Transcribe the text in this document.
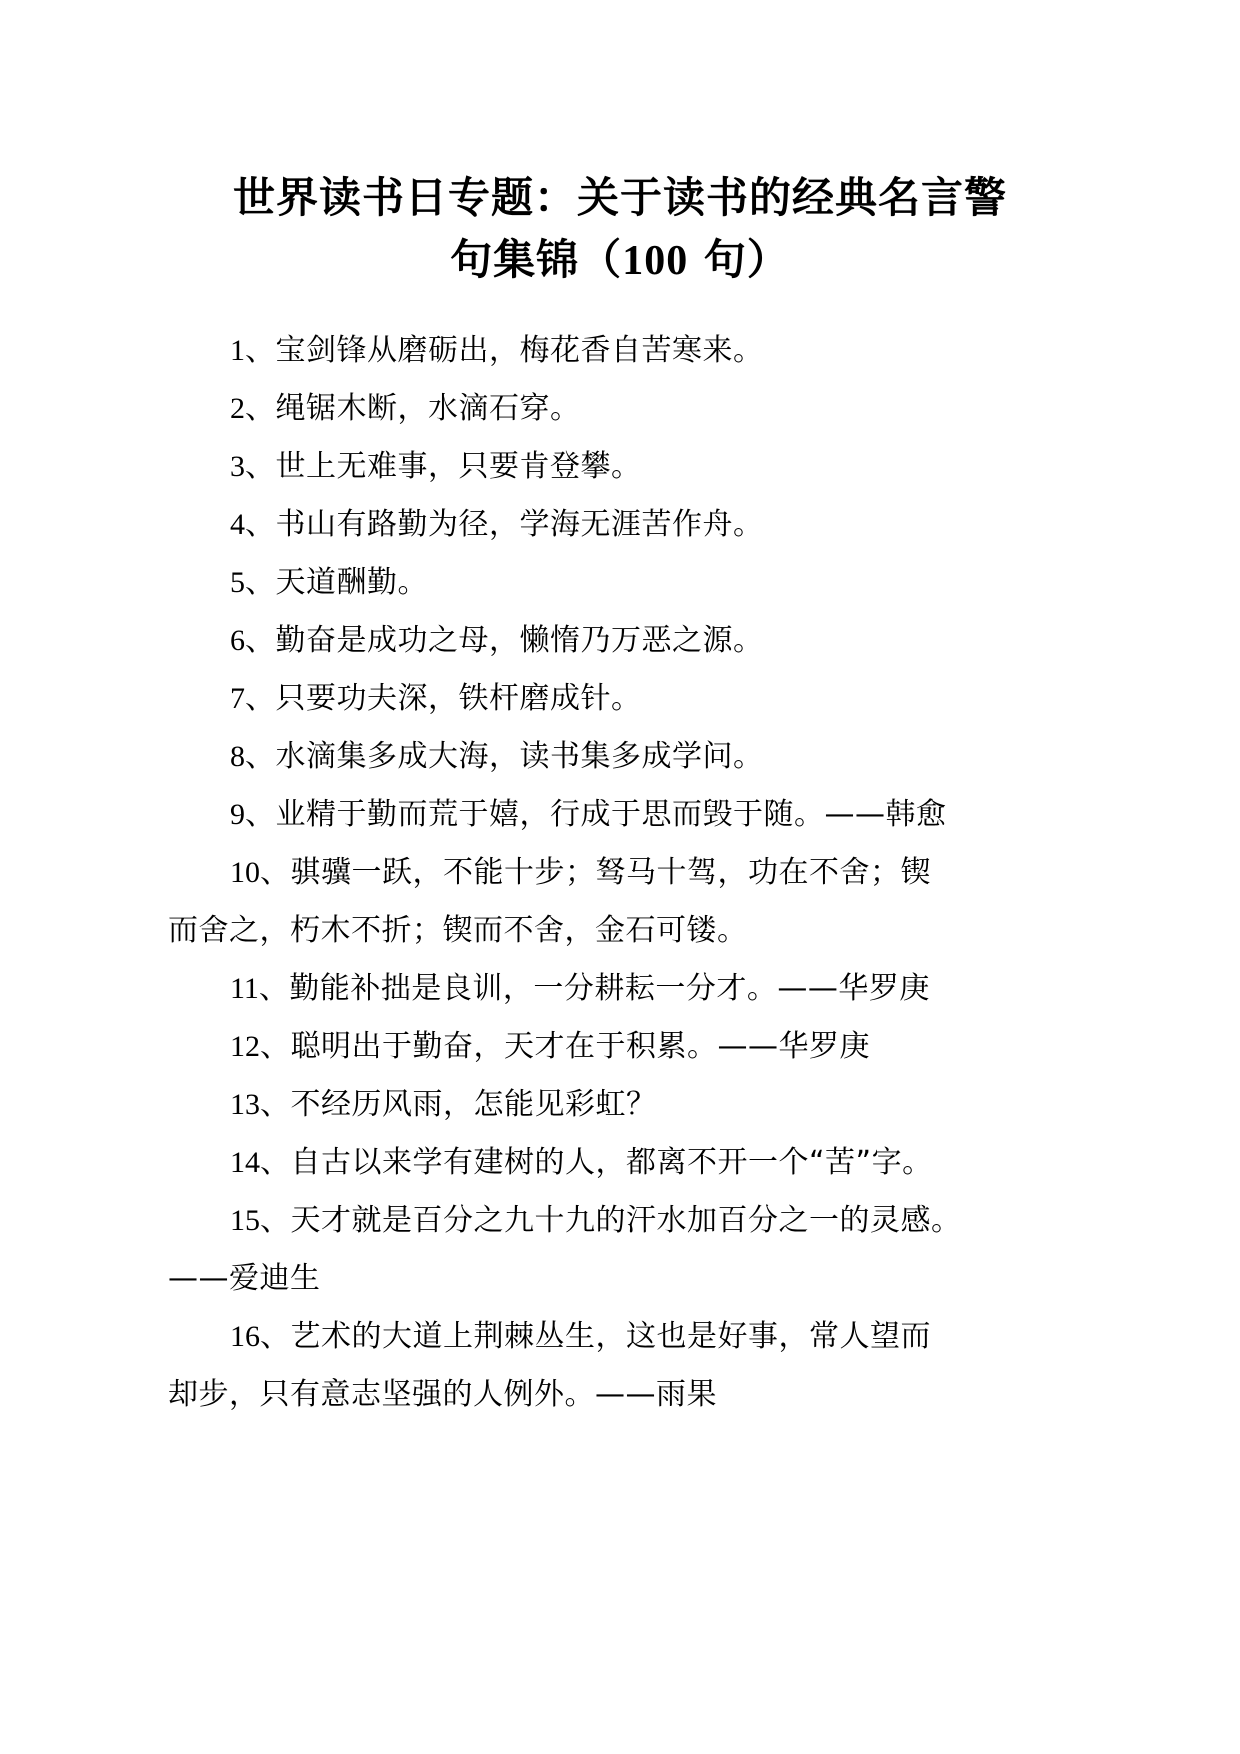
世界读书日专题：关于读书的经典名言警
句集锦（100 句）
1、宝剑锋从磨砺出，梅花香自苦寒来。
2、绳锯木断，水滴石穿。
3、世上无难事，只要肯登攀。
4、书山有路勤为径，学海无涯苦作舟。
5、天道酬勤。
6、勤奋是成功之母，懒惰乃万恶之源。
7、只要功夫深，铁杆磨成针。
8、水滴集多成大海，读书集多成学问。
9、业精于勤而荒于嬉，行成于思而毁于随。——韩愈
10、骐骥一跃，不能十步；驽马十驾，功在不舍；锲
而舍之，朽木不折；锲而不舍，金石可镂。
11、勤能补拙是良训，一分耕耘一分才。——华罗庚
12、聪明出于勤奋，天才在于积累。——华罗庚
13、不经历风雨，怎能见彩虹？
14、自古以来学有建树的人，都离不开一个“苦”字。
15、天才就是百分之九十九的汗水加百分之一的灵感。
——爱迪生
16、艺术的大道上荆棘丛生，这也是好事，常人望而
却步，只有意志坚强的人例外。——雨果
